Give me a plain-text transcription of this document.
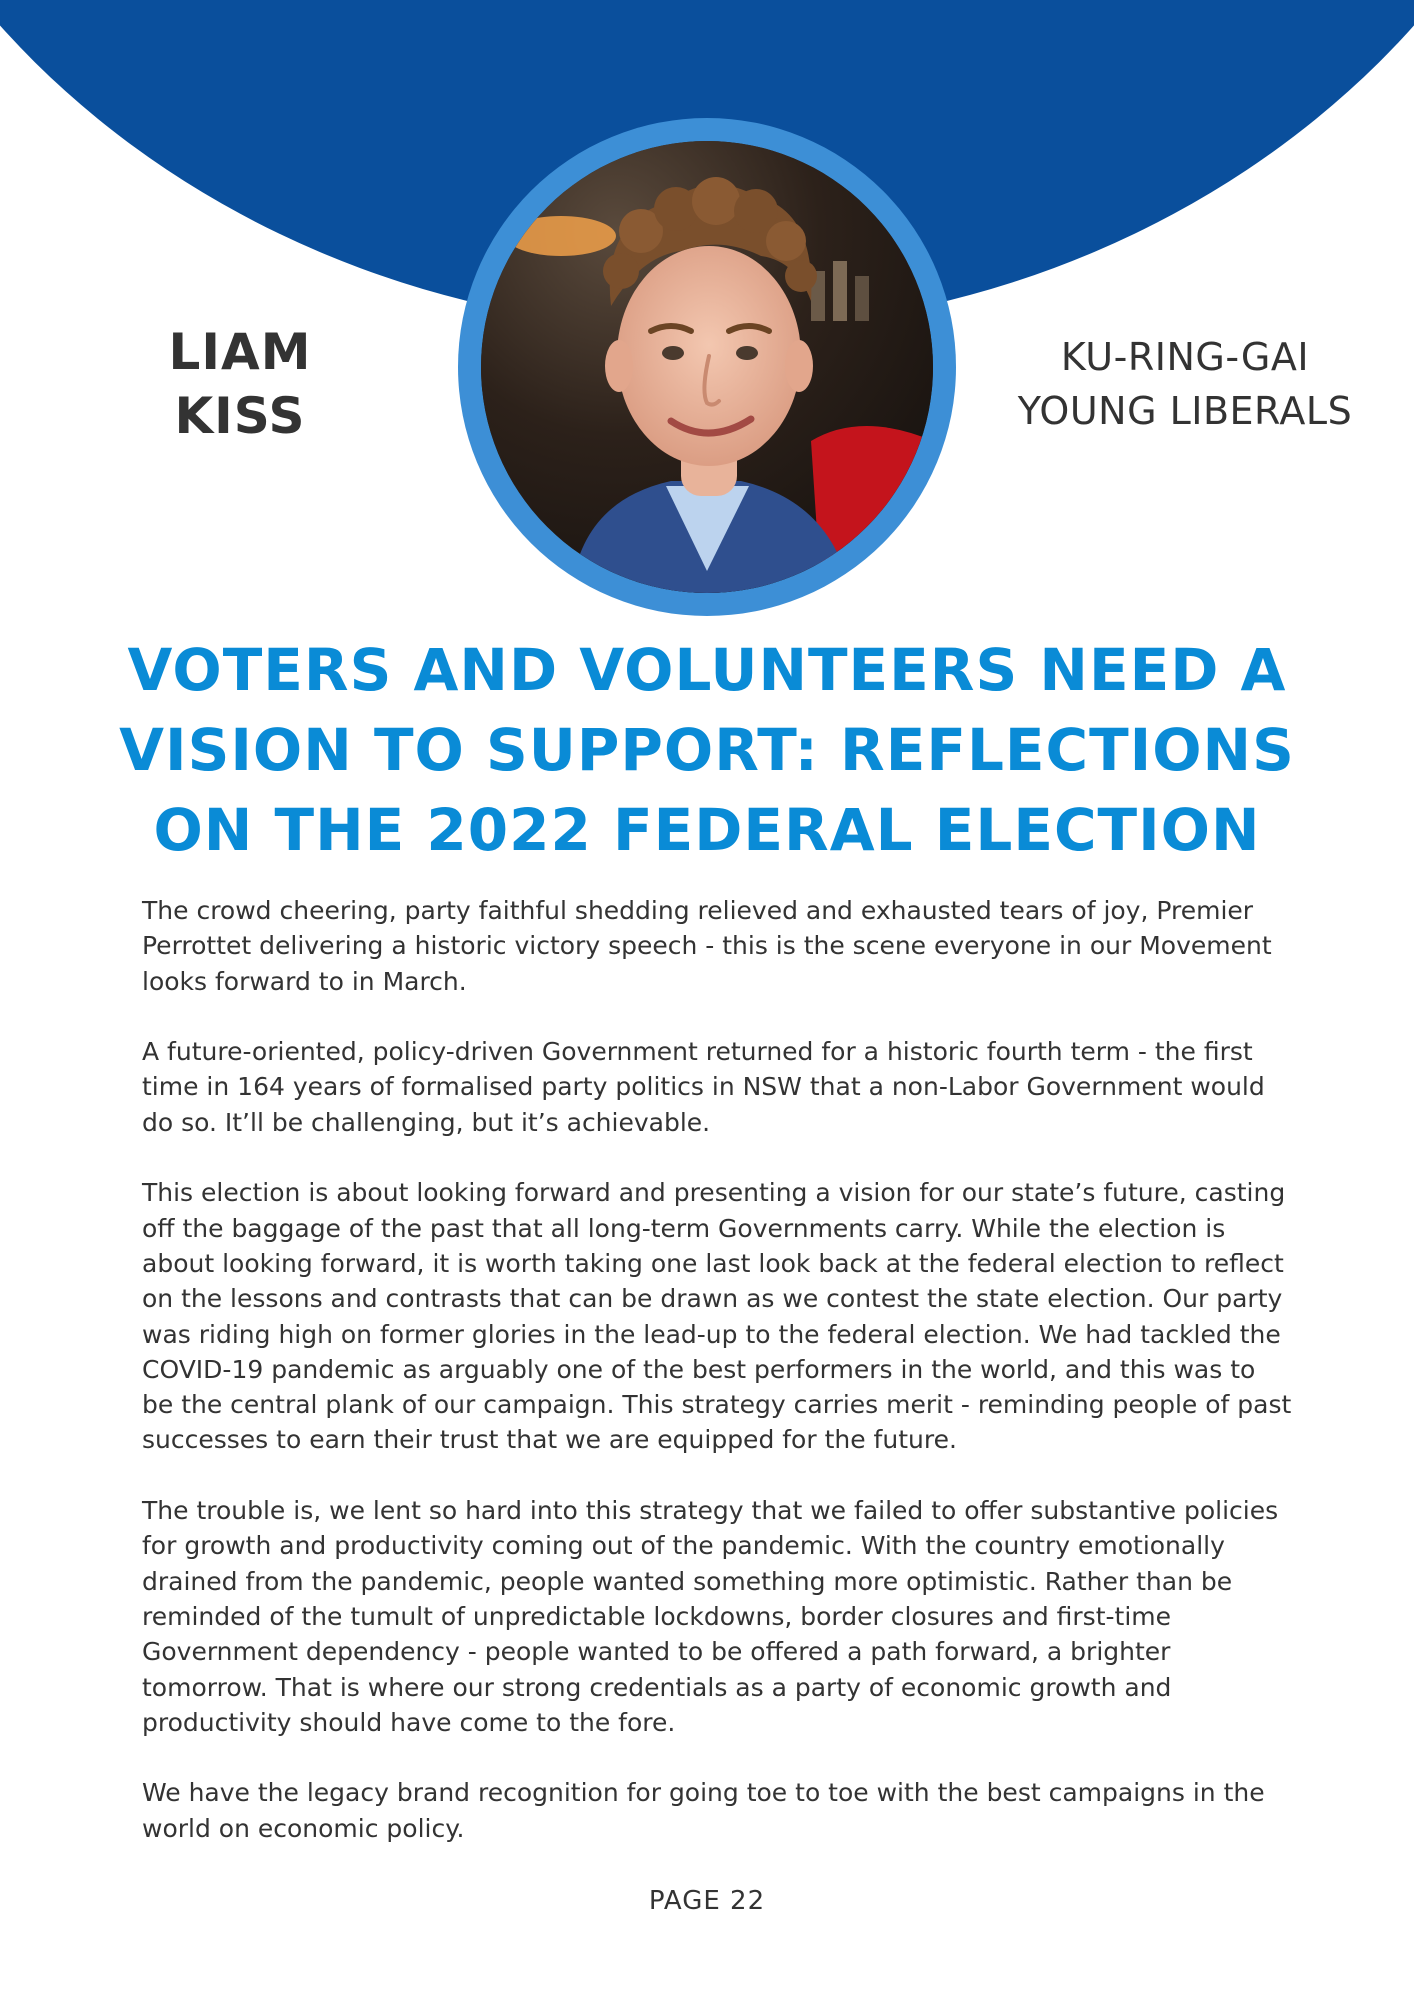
LIAM
KISS
KU-RING-GAI
YOUNG LIBERALS
VOTERS AND VOLUNTEERS NEED A
VISION TO SUPPORT: REFLECTIONS
ON THE 2022 FEDERAL ELECTION

The crowd cheering, party faithful shedding relieved and exhausted tears of joy, Premier Perrottet delivering a historic victory speech - this is the scene everyone in our Movement looks forward to in March.

A future-oriented, policy-driven Government returned for a historic fourth term - the first time in 164 years of formalised party politics in NSW that a non-Labor Government would do so. It’ll be challenging, but it’s achievable.

This election is about looking forward and presenting a vision for our state’s future, casting off the baggage of the past that all long-term Governments carry. While the election is about looking forward, it is worth taking one last look back at the federal election to reflect on the lessons and contrasts that can be drawn as we contest the state election. Our party was riding high on former glories in the lead-up to the federal election. We had tackled the COVID-19 pandemic as arguably one of the best performers in the world, and this was to be the central plank of our campaign. This strategy carries merit - reminding people of past successes to earn their trust that we are equipped for the future.

The trouble is, we lent so hard into this strategy that we failed to offer substantive policies for growth and productivity coming out of the pandemic. With the country emotionally drained from the pandemic, people wanted something more optimistic. Rather than be reminded of the tumult of unpredictable lockdowns, border closures and first-time Government dependency - people wanted to be offered a path forward, a brighter tomorrow. That is where our strong credentials as a party of economic growth and productivity should have come to the fore.

We have the legacy brand recognition for going toe to toe with the best campaigns in the world on economic policy.

PAGE 22
